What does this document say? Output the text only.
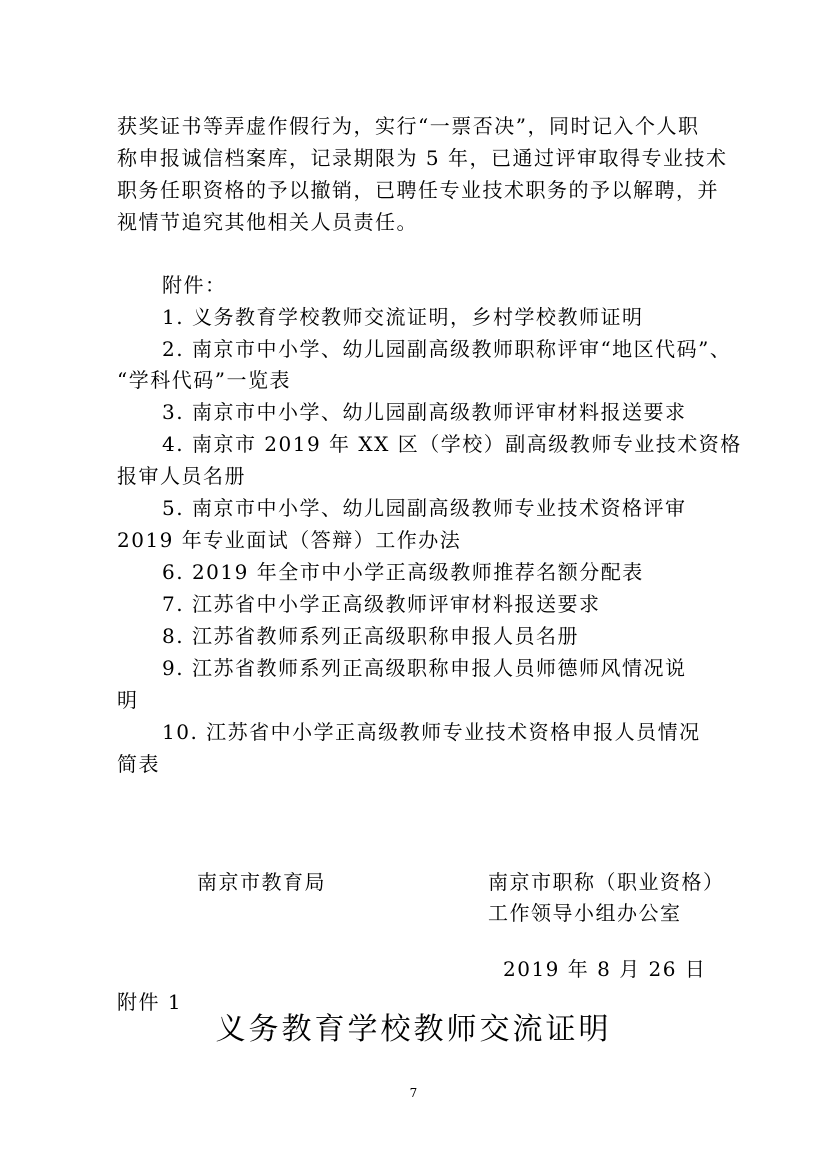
获奖证书等弄虚作假行为，实行“一票否决”，同时记入个人职
称申报诚信档案库，记录期限为 5 年，已通过评审取得专业技术
职务任职资格的予以撤销，已聘任专业技术职务的予以解聘，并
视情节追究其他相关人员责任。
附件：
1. 义务教育学校教师交流证明，乡村学校教师证明
2. 南京市中小学、幼儿园副高级教师职称评审“地区代码”、
“学科代码”一览表
3. 南京市中小学、幼儿园副高级教师评审材料报送要求
4. 南京市 2019 年 XX 区（学校）副高级教师专业技术资格
报审人员名册
5. 南京市中小学、幼儿园副高级教师专业技术资格评审
2019 年专业面试（答辩）工作办法
6. 2019 年全市中小学正高级教师推荐名额分配表
7. 江苏省中小学正高级教师评审材料报送要求
8. 江苏省教师系列正高级职称申报人员名册
9. 江苏省教师系列正高级职称申报人员师德师风情况说
明
10. 江苏省中小学正高级教师专业技术资格申报人员情况
简表
南京市教育局	南京市职称（职业资格）
工作领导小组办公室
2019 年 8 月 26 日
附件 1
义务教育学校教师交流证明
7
